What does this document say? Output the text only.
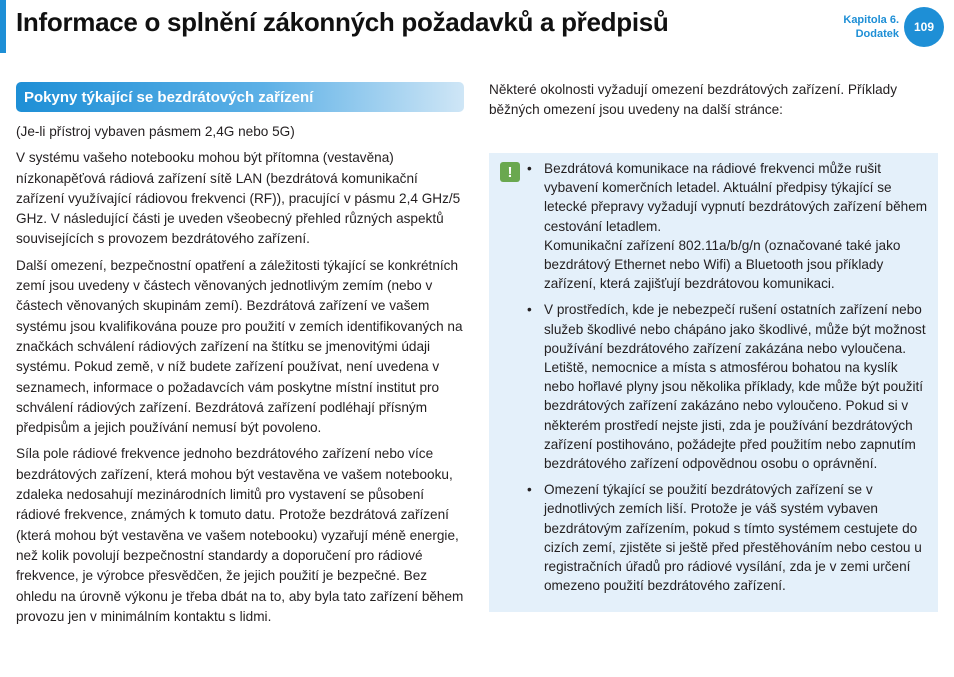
Informace o splnění zákonných požadavků a předpisů	Kapitola 6.
Dodatek	109
Pokyny týkající se bezdrátových zařízení

(Je-li přístroj vybaven pásmem 2,4G nebo 5G)

V systému vašeho notebooku mohou být přítomna (vestavěna) nízkonapěťová rádiová zařízení sítě LAN (bezdrátová komunikační zařízení využívající rádiovou frekvenci (RF)), pracující v pásmu 2,4 GHz/5 GHz. V následující části je uveden všeobecný přehled různých aspektů souvisejících s provozem bezdrátového zařízení.

Další omezení, bezpečnostní opatření a záležitosti týkající se konkrétních zemí jsou uvedeny v částech věnovaných jednotlivým zemím (nebo v částech věnovaných skupinám zemí). Bezdrátová zařízení ve vašem systému jsou kvalifikována pouze pro použití v zemích identifikovaných na značkách schválení rádiových zařízení na štítku se jmenovitými údaji systému. Pokud země, v níž budete zařízení používat, není uvedena v seznamech, informace o požadavcích vám poskytne místní institut pro schválení rádiových zařízení. Bezdrátová zařízení podléhají přísným předpisům a jejich používání nemusí být povoleno.

Síla pole rádiové frekvence jednoho bezdrátového zařízení nebo více bezdrátových zařízení, která mohou být vestavěna ve vašem notebooku, zdaleka nedosahují mezinárodních limitů pro vystavení se působení rádiové frekvence, známých k tomuto datu. Protože bezdrátová zařízení (která mohou být vestavěna ve vašem notebooku) vyzařují méně energie, než kolik povolují bezpečnostní standardy a doporučení pro rádiové frekvence, je výrobce přesvědčen, že jejich použití je bezpečné. Bez ohledu na úrovně výkonu je třeba dbát na to, aby byla tato zařízení během provozu jen v minimálním kontaktu s lidmi.

Některé okolnosti vyžadují omezení bezdrátových zařízení. Příklady běžných omezení jsou uvedeny na další stránce:
!	• Bezdrátová komunikace na rádiové frekvenci může rušit vybavení komerčních letadel. Aktuální předpisy týkající se letecké přepravy vyžadují vypnutí bezdrátových zařízení během cestování letadlem.
Komunikační zařízení 802.11a/b/g/n (označované také jako bezdrátový Ethernet nebo Wifi) a Bluetooth jsou příklady zařízení, která zajišťují bezdrátovou komunikaci.
• V prostředích, kde je nebezpečí rušení ostatních zařízení nebo služeb škodlivé nebo chápáno jako škodlivé, může být možnost používání bezdrátového zařízení zakázána nebo vyloučena. Letiště, nemocnice a místa s atmosférou bohatou na kyslík nebo hořlavé plyny jsou několika příklady, kde může být použití bezdrátových zařízení zakázáno nebo vyloučeno. Pokud si v některém prostředí nejste jisti, zda je používání bezdrátových zařízení postihováno, požádejte před použitím nebo zapnutím bezdrátového zařízení odpovědnou osobu o oprávnění.
• Omezení týkající se použití bezdrátových zařízení se v jednotlivých zemích liší. Protože je váš systém vybaven bezdrátovým zařízením, pokud s tímto systémem cestujete do cizích zemí, zjistěte si ještě před přestěhováním nebo cestou u registračních úřadů pro rádiové vysílání, zda je v zemi určení omezeno použití bezdrátového zařízení.
